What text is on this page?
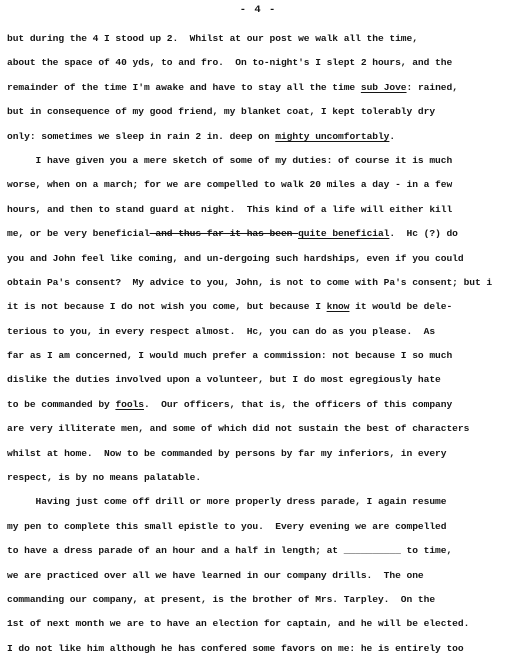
- 4 -
but during the 4 I stood up 2.  Whilst at our post we walk all the time,
about the space of 40 yds, to and fro.  On to-night's I slept 2 hours, and the
remainder of the time I'm awake and have to stay all the time sub Jove: rained,
but in consequence of my good friend, my blanket coat, I kept tolerably dry
only: sometimes we sleep in rain 2 in. deep on mighty uncomfortably.
I have given you a mere sketch of some of my duties: of course it is much
worse, when on a march; for we are compelled to walk 20 miles a day - in a few
hours, and then to stand guard at night.  This kind of a life will either kill
me, or be very beneficial and thus far it has been quite beneficial.  Hc (?) do
you and John feel like coming, and un-dergoing such hardships, even if you could
obtain Pa's consent?  My advice to you, John, is not to come with Pa's consent; but i
it is not because I do not wish you come, but because I know it would be dele-
terious to you, in every respect almost.  Hc, you can do as you please.  As
far as I am concerned, I would much prefer a commission: not because I so much
dislike the duties involved upon a volunteer, but I do most egregiously hate
to be commanded by fools.  Our officers, that is, the officers of this company
are very illiterate men, and some of which did not sustain the best of characters
whilst at home.  Now to be commanded by persons by far my inferiors, in every
respect, is by no means palatable.
Having just come off drill or more properly dress parade, I again resume
my pen to complete this small epistle to you.  Every evening we are compelled
to have a dress parade of an hour and a half in length; at __________ to time,
we are practiced over all we have learned in our company drills.  The one
commanding our company, at present, is the brother of Mrs. Tarpley.  On the
1st of next month we are to have an election for captain, and he will be elected.
I do not like him although he has confered some favors on me: he is entirely too
